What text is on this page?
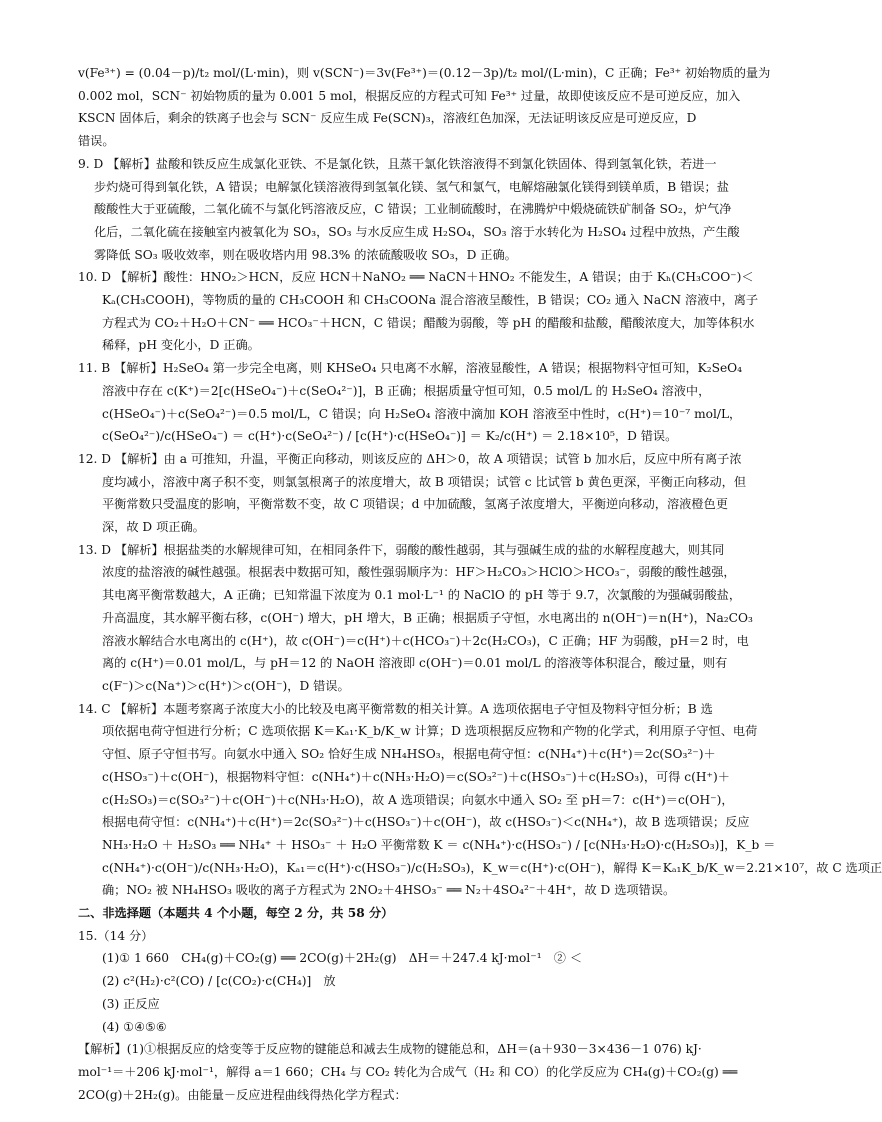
v(Fe³⁺) = (0.04－p)/t₂ mol/(L·min)，则 v(SCN⁻)＝3v(Fe³⁺)＝(0.12－3p)/t₂ mol/(L·min)，C 正确；Fe³⁺ 初始物质的量为
0.002 mol，SCN⁻ 初始物质的量为 0.001 5 mol，根据反应的方程式可知 Fe³⁺ 过量，故即使该反应不是可逆反应，加入
KSCN 固体后，剩余的铁离子也会与 SCN⁻ 反应生成 Fe(SCN)₃，溶液红色加深，无法证明该反应是可逆反应，D
错误。
9. D 【解析】盐酸和铁反应生成氯化亚铁、不是氯化铁，且蒸干氯化铁溶液得不到氯化铁固体、得到氢氧化铁，若进一
步灼烧可得到氧化铁，A 错误；电解氯化镁溶液得到氢氧化镁、氢气和氯气，电解熔融氯化镁得到镁单质，B 错误；盐
酸酸性大于亚硫酸，二氧化硫不与氯化钙溶液反应，C 错误；工业制硫酸时，在沸腾炉中煅烧硫铁矿制备 SO₂，炉气净
化后，二氧化硫在接触室内被氧化为 SO₃，SO₃ 与水反应生成 H₂SO₄，SO₃ 溶于水转化为 H₂SO₄ 过程中放热，产生酸
雾降低 SO₃ 吸收效率，则在吸收塔内用 98.3% 的浓硫酸吸收 SO₃，D 正确。
10. D 【解析】酸性：HNO₂＞HCN，反应 HCN＋NaNO₂ ══ NaCN＋HNO₂ 不能发生，A 错误；由于 Kₕ(CH₃COO⁻)＜
Kₐ(CH₃COOH)，等物质的量的 CH₃COOH 和 CH₃COONa 混合溶液呈酸性，B 错误；CO₂ 通入 NaCN 溶液中，离子
方程式为 CO₂＋H₂O＋CN⁻ ══ HCO₃⁻＋HCN，C 错误；醋酸为弱酸，等 pH 的醋酸和盐酸，醋酸浓度大，加等体积水
稀释，pH 变化小，D 正确。
11. B 【解析】H₂SeO₄ 第一步完全电离，则 KHSeO₄ 只电离不水解，溶液显酸性，A 错误；根据物料守恒可知，K₂SeO₄
溶液中存在 c(K⁺)＝2[c(HSeO₄⁻)＋c(SeO₄²⁻)]，B 正确；根据质量守恒可知，0.5 mol/L 的 H₂SeO₄ 溶液中，
c(HSeO₄⁻)＋c(SeO₄²⁻)＝0.5 mol/L，C 错误；向 H₂SeO₄ 溶液中滴加 KOH 溶液至中性时，c(H⁺)＝10⁻⁷ mol/L，
c(SeO₄²⁻)/c(HSeO₄⁻) ＝ c(H⁺)·c(SeO₄²⁻) / [c(H⁺)·c(HSeO₄⁻)] ＝ K₂/c(H⁺) ＝ 2.18×10⁵，D 错误。
12. D 【解析】由 a 可推知，升温，平衡正向移动，则该反应的 ΔH＞0，故 A 项错误；试管 b 加水后，反应中所有离子浓
度均减小，溶液中离子积不变，则氯氢根离子的浓度增大，故 B 项错误；试管 c 比试管 b 黄色更深，平衡正向移动，但
平衡常数只受温度的影响，平衡常数不变，故 C 项错误；d 中加硫酸，氢离子浓度增大，平衡逆向移动，溶液橙色更
深，故 D 项正确。
13. D 【解析】根据盐类的水解规律可知，在相同条件下，弱酸的酸性越弱，其与强碱生成的盐的水解程度越大，则其同
浓度的盐溶液的碱性越强。根据表中数据可知，酸性强弱顺序为：HF＞H₂CO₃＞HClO＞HCO₃⁻，弱酸的酸性越强，
其电离平衡常数越大，A 正确；已知常温下浓度为 0.1 mol·L⁻¹ 的 NaClO 的 pH 等于 9.7，次氯酸的为强碱弱酸盐，
升高温度，其水解平衡右移，c(OH⁻) 增大，pH 增大，B 正确；根据质子守恒，水电离出的 n(OH⁻)＝n(H⁺)，Na₂CO₃
溶液水解结合水电离出的 c(H⁺)，故 c(OH⁻)＝c(H⁺)＋c(HCO₃⁻)＋2c(H₂CO₃)，C 正确；HF 为弱酸，pH＝2 时，电
离的 c(H⁺)＝0.01 mol/L，与 pH＝12 的 NaOH 溶液即 c(OH⁻)＝0.01 mol/L 的溶液等体积混合，酸过量，则有
c(F⁻)＞c(Na⁺)＞c(H⁺)＞c(OH⁻)，D 错误。
14. C 【解析】本题考察离子浓度大小的比较及电离平衡常数的相关计算。A 选项依据电子守恒及物料守恒分析；B 选
项依据电荷守恒进行分析；C 选项依据 K＝Kₐ₁·K_b/K_w 计算；D 选项根据反应物和产物的化学式，利用原子守恒、电荷
守恒、原子守恒书写。向氨水中通入 SO₂ 恰好生成 NH₄HSO₃，根据电荷守恒：c(NH₄⁺)＋c(H⁺)＝2c(SO₃²⁻)＋
c(HSO₃⁻)＋c(OH⁻)，根据物料守恒：c(NH₄⁺)＋c(NH₃·H₂O)＝c(SO₃²⁻)＋c(HSO₃⁻)＋c(H₂SO₃)，可得 c(H⁺)＋
c(H₂SO₃)＝c(SO₃²⁻)＋c(OH⁻)＋c(NH₃·H₂O)，故 A 选项错误；向氨水中通入 SO₂ 至 pH＝7：c(H⁺)＝c(OH⁻)，
根据电荷守恒：c(NH₄⁺)＋c(H⁺)＝2c(SO₃²⁻)＋c(HSO₃⁻)＋c(OH⁻)，故 c(HSO₃⁻)＜c(NH₄⁺)，故 B 选项错误；反应
NH₃·H₂O ＋ H₂SO₃ ══ NH₄⁺ ＋ HSO₃⁻ ＋ H₂O 平衡常数 K ＝ c(NH₄⁺)·c(HSO₃⁻) / [c(NH₃·H₂O)·c(H₂SO₃)]，K_b ＝
c(NH₄⁺)·c(OH⁻)/c(NH₃·H₂O)，Kₐ₁＝c(H⁺)·c(HSO₃⁻)/c(H₂SO₃)，K_w＝c(H⁺)·c(OH⁻)，解得 K＝Kₐ₁K_b/K_w＝2.21×10⁷，故 C 选项正
确；NO₂ 被 NH₄HSO₃ 吸收的离子方程式为 2NO₂＋4HSO₃⁻ ══ N₂＋4SO₄²⁻＋4H⁺，故 D 选项错误。
二、非选择题（本题共 4 个小题，每空 2 分，共 58 分）
15.（14 分）
(1)① 1 660　CH₄(g)＋CO₂(g) ══ 2CO(g)＋2H₂(g)　ΔH＝＋247.4 kJ·mol⁻¹　② ＜
(2) c²(H₂)·c²(CO) / [c(CO₂)·c(CH₄)]　放
(3) 正反应
(4) ①④⑤⑥
【解析】(1)①根据反应的焓变等于反应物的键能总和减去生成物的键能总和，ΔH＝(a＋930－3×436－1 076) kJ·
mol⁻¹＝＋206 kJ·mol⁻¹，解得 a＝1 660；CH₄ 与 CO₂ 转化为合成气（H₂ 和 CO）的化学反应为 CH₄(g)＋CO₂(g) ══
2CO(g)＋2H₂(g)。由能量－反应进程曲线得热化学方程式：
